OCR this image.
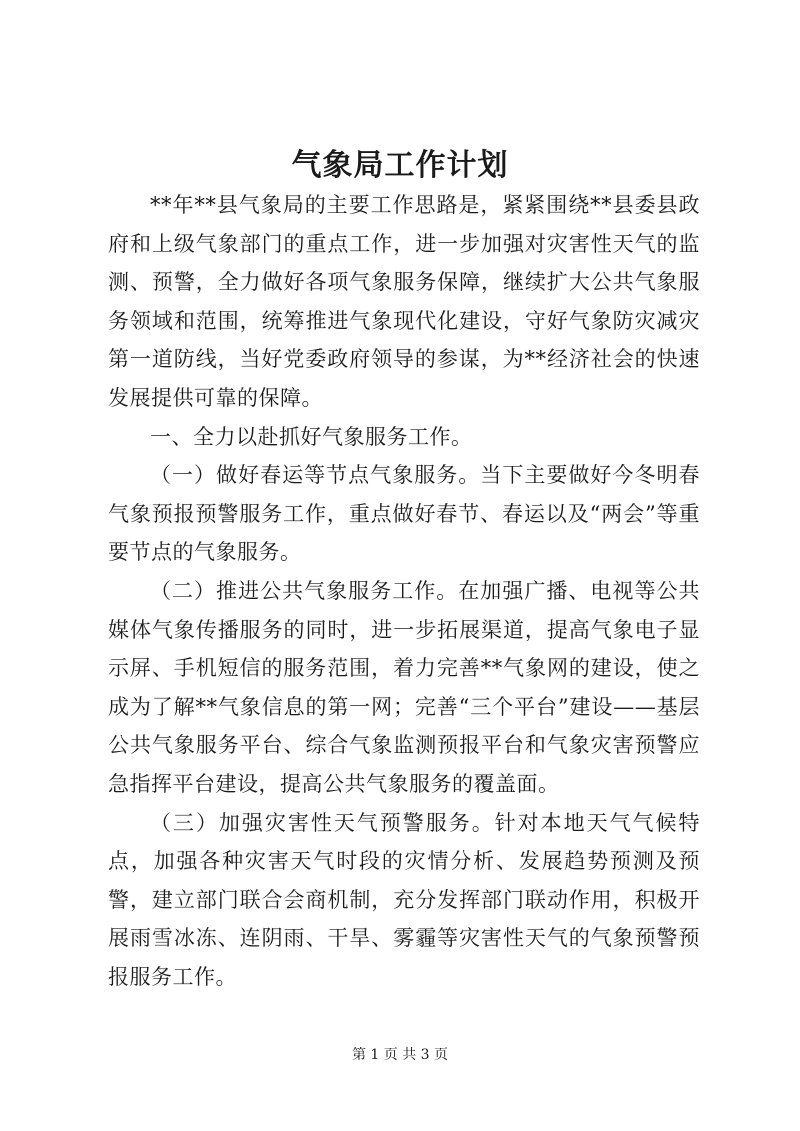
气象局工作计划

**年**县气象局的主要工作思路是，紧紧围绕**县委县政府和上级气象部门的重点工作，进一步加强对灾害性天气的监测、预警，全力做好各项气象服务保障，继续扩大公共气象服务领域和范围，统筹推进气象现代化建设，守好气象防灾减灾第一道防线，当好党委政府领导的参谋，为**经济社会的快速发展提供可靠的保障。

一、全力以赴抓好气象服务工作。

（一）做好春运等节点气象服务。当下主要做好今冬明春气象预报预警服务工作，重点做好春节、春运以及“两会”等重要节点的气象服务。

（二）推进公共气象服务工作。在加强广播、电视等公共媒体气象传播服务的同时，进一步拓展渠道，提高气象电子显示屏、手机短信的服务范围，着力完善**气象网的建设，使之成为了解**气象信息的第一网；完善“三个平台”建设——基层公共气象服务平台、综合气象监测预报平台和气象灾害预警应急指挥平台建设，提高公共气象服务的覆盖面。

（三）加强灾害性天气预警服务。针对本地天气气候特点，加强各种灾害天气时段的灾情分析、发展趋势预测及预警，建立部门联合会商机制，充分发挥部门联动作用，积极开展雨雪冰冻、连阴雨、干旱、雾霾等灾害性天气的气象预警预报服务工作。

第 1 页 共 3 页
